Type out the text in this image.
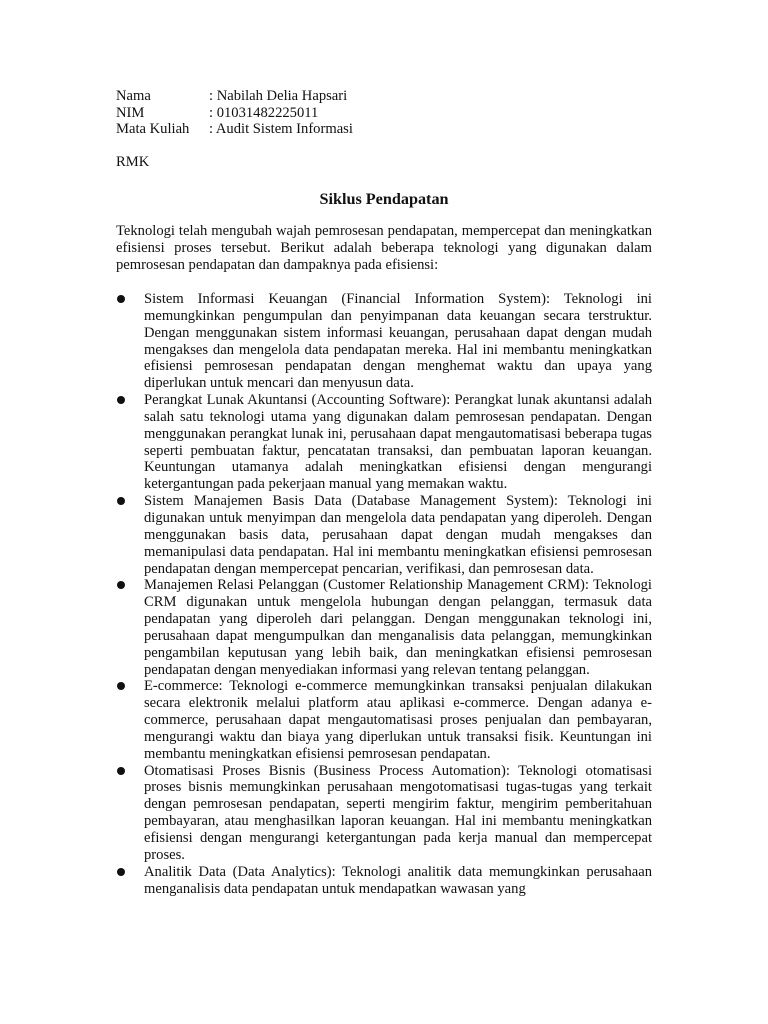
Nama	: Nabilah Delia Hapsari
NIM	: 01031482225011
Mata Kuliah	: Audit Sistem Informasi
RMK
Siklus Pendapatan
Teknologi telah mengubah wajah pemrosesan pendapatan, mempercepat dan meningkatkan efisiensi proses tersebut. Berikut adalah beberapa teknologi yang digunakan dalam pemrosesan pendapatan dan dampaknya pada efisiensi:
Sistem Informasi Keuangan (Financial Information System): Teknologi ini memungkinkan pengumpulan dan penyimpanan data keuangan secara terstruktur. Dengan menggunakan sistem informasi keuangan, perusahaan dapat dengan mudah mengakses dan mengelola data pendapatan mereka. Hal ini membantu meningkatkan efisiensi pemrosesan pendapatan dengan menghemat waktu dan upaya yang diperlukan untuk mencari dan menyusun data.
Perangkat Lunak Akuntansi (Accounting Software): Perangkat lunak akuntansi adalah salah satu teknologi utama yang digunakan dalam pemrosesan pendapatan. Dengan menggunakan perangkat lunak ini, perusahaan dapat mengautomatisasi beberapa tugas seperti pembuatan faktur, pencatatan transaksi, dan pembuatan laporan keuangan. Keuntungan utamanya adalah meningkatkan efisiensi dengan mengurangi ketergantungan pada pekerjaan manual yang memakan waktu.
Sistem Manajemen Basis Data (Database Management System): Teknologi ini digunakan untuk menyimpan dan mengelola data pendapatan yang diperoleh. Dengan menggunakan basis data, perusahaan dapat dengan mudah mengakses dan memanipulasi data pendapatan. Hal ini membantu meningkatkan efisiensi pemrosesan pendapatan dengan mempercepat pencarian, verifikasi, dan pemrosesan data.
Manajemen Relasi Pelanggan (Customer Relationship Management CRM): Teknologi CRM digunakan untuk mengelola hubungan dengan pelanggan, termasuk data pendapatan yang diperoleh dari pelanggan. Dengan menggunakan teknologi ini, perusahaan dapat mengumpulkan dan menganalisis data pelanggan, memungkinkan pengambilan keputusan yang lebih baik, dan meningkatkan efisiensi pemrosesan pendapatan dengan menyediakan informasi yang relevan tentang pelanggan.
E-commerce: Teknologi e-commerce memungkinkan transaksi penjualan dilakukan secara elektronik melalui platform atau aplikasi e-commerce. Dengan adanya e-commerce, perusahaan dapat mengautomatisasi proses penjualan dan pembayaran, mengurangi waktu dan biaya yang diperlukan untuk transaksi fisik. Keuntungan ini membantu meningkatkan efisiensi pemrosesan pendapatan.
Otomatisasi Proses Bisnis (Business Process Automation): Teknologi otomatisasi proses bisnis memungkinkan perusahaan mengotomatisasi tugas-tugas yang terkait dengan pemrosesan pendapatan, seperti mengirim faktur, mengirim pemberitahuan pembayaran, atau menghasilkan laporan keuangan. Hal ini membantu meningkatkan efisiensi dengan mengurangi ketergantungan pada kerja manual dan mempercepat proses.
Analitik Data (Data Analytics): Teknologi analitik data memungkinkan perusahaan menganalisis data pendapatan untuk mendapatkan wawasan yang
